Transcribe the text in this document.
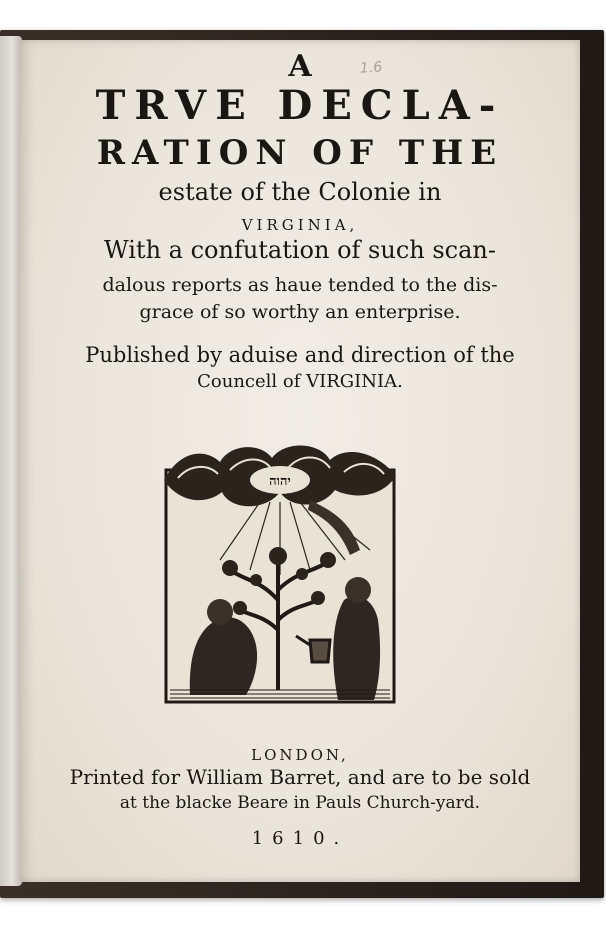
1.6
A
TRVE DECLA-
RATION OF THE
estate of the Colonie in
VIRGINIA,
With a confutation of such scan-
dalous reports as haue tended to the dis-
grace of so worthy an enterprise.
Published by aduise and direction of the
Councell of VIRGINIA.
יהוה
LONDON,
Printed for William Barret, and are to be sold
at the blacke Beare in Pauls Church-yard.
1610.
